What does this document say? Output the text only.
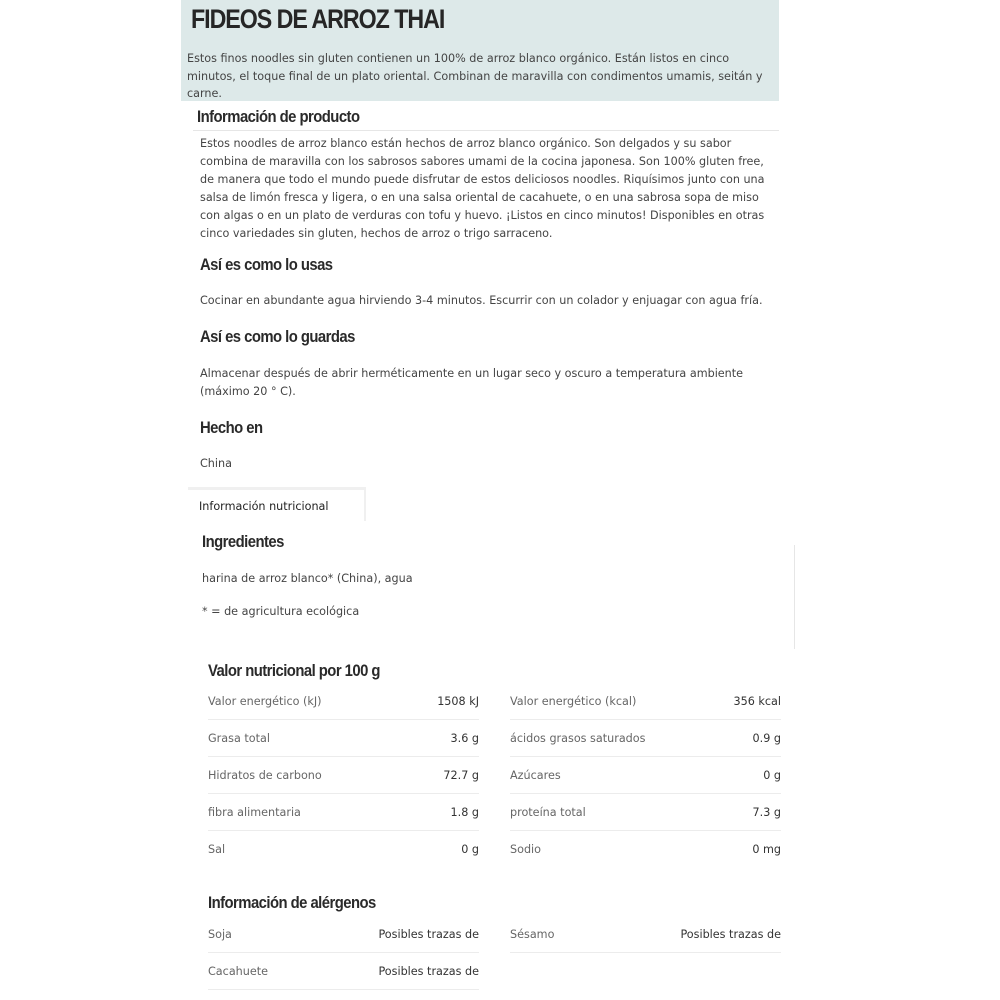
FIDEOS DE ARROZ THAI
Estos finos noodles sin gluten contienen un 100% de arroz blanco orgánico. Están listos en cinco minutos, el toque final de un plato oriental. Combinan de maravilla con condimentos umamis, seitán y carne.
Información de producto
Estos noodles de arroz blanco están hechos de arroz blanco orgánico. Son delgados y su sabor combina de maravilla con los sabrosos sabores umami de la cocina japonesa. Son 100% gluten free, de manera que todo el mundo puede disfrutar de estos deliciosos noodles. Riquísimos junto con una salsa de limón fresca y ligera, o en una salsa oriental de cacahuete, o en una sabrosa sopa de miso con algas o en un plato de verduras con tofu y huevo. ¡Listos en cinco minutos! Disponibles en otras cinco variedades sin gluten, hechos de arroz o trigo sarraceno.
Así es como lo usas
Cocinar en abundante agua hirviendo 3-4 minutos. Escurrir con un colador y enjuagar con agua fría.
Así es como lo guardas
Almacenar después de abrir herméticamente en un lugar seco y oscuro a temperatura ambiente (máximo 20 ° C).
Hecho en
China
Información nutricional
Ingredientes
harina de arroz blanco* (China), agua
* = de agricultura ecológica
Valor nutricional por 100 g
Valor energético (kJ)	1508 kJ
Grasa total	3.6 g
Hidratos de carbono	72.7 g
fibra alimentaria	1.8 g
Sal	0 g
Valor energético (kcal)	356 kcal
ácidos grasos saturados	0.9 g
Azúcares	0 g
proteína total	7.3 g
Sodio	0 mg
Información de alérgenos
Soja	Posibles trazas de
Cacahuete	Posibles trazas de
Sésamo	Posibles trazas de
